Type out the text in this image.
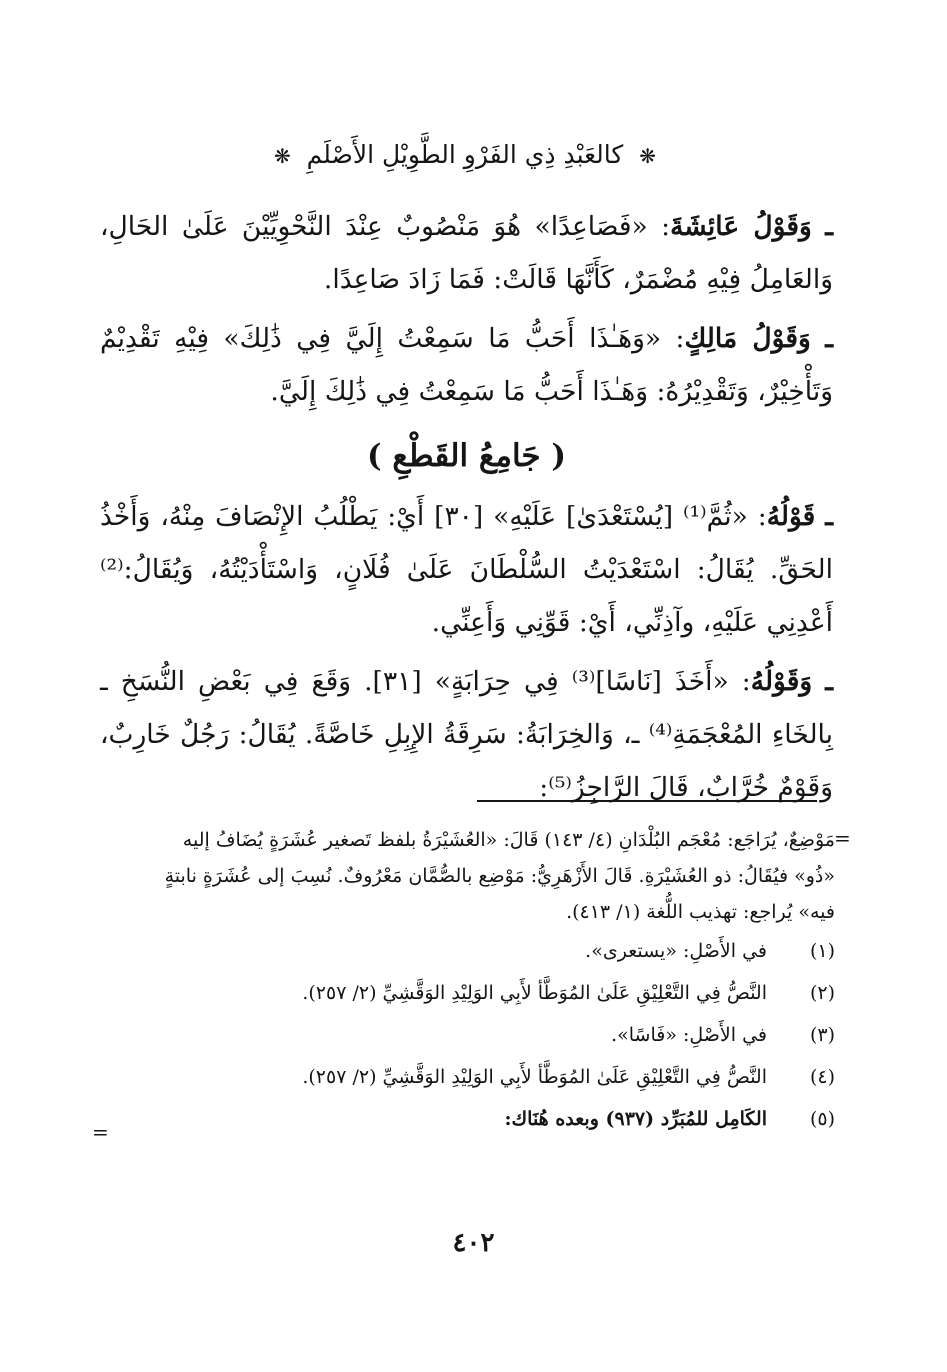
❋ كالعَبْدِ ذِي الفَرْوِ الطَّوِيْلِ الأَصْلَمِ ❋

ـ وَقَوْلُ عَائِشَةَ: «فَصَاعِدًا» هُوَ مَنْصُوبٌ عِنْدَ النَّحْوِيِّيْنَ عَلَىٰ الحَالِ، وَالعَامِلُ فِيْهِ مُضْمَرٌ، كَأَنَّهَا قَالَتْ: فَمَا زَادَ صَاعِدًا.

ـ وَقَوْلُ مَالِكٍ: «وَهَـٰذَا أَحَبُّ مَا سَمِعْتُ إِلَيَّ فِي ذَٰلِكَ» فِيْهِ تَقْدِيْمٌ وَتَأْخِيْرٌ، وَتَقْدِيْرُهُ: وَهَـٰذَا أَحَبُّ مَا سَمِعْتُ فِي ذَٰلِكَ إِلَيَّ.

( جَامِعُ القَطْعِ )

ـ قَوْلُهُ: «ثُمَّ⁽¹⁾ [يُسْتَعْدَىٰ] عَلَيْهِ» [٣٠] أَيْ: يَطْلُبُ الإِنْصَافَ مِنْهُ، وَأَخْذُ الحَقِّ. يُقَالُ: اسْتَعْدَيْتُ السُّلْطَانَ عَلَىٰ فُلَانٍ، وَاسْتَأْدَيْتُهُ، وَيُقَالُ:⁽²⁾ أَعْدِنِي عَلَيْهِ، وآذِنِّي، أَيْ: قَوِّنِي وَأَعِنِّي.

ـ وَقَوْلُهُ: «أَخَذَ [نَاسًا]⁽³⁾ فِي حِرَابَةٍ» [٣١]. وَقَعَ فِي بَعْضِ النُّسَخِ ـ بِالخَاءِ المُعْجَمَةِ⁽⁴⁾ ـ، وَالخِرَابَةُ: سَرِقَةُ الإِبِلِ خَاصَّةً. يُقَالُ: رَجُلٌ خَارِبٌ، وَقَوْمٌ خُرَّابٌ، قَالَ الرَّاجِزُ⁽⁵⁾:

=
مَوْضِعٌ، يُرَاجَع: مُعْجَم البُلْدَانِ (٤/ ١٤٣) قَالَ: «العُشَيْرَةُ بلفظ تَصغير عُشَرَةٍ يُضَافُ إليه
«ذُو» فيُقَالُ: ذو العُشَيْرَةِ. قَالَ الأَزْهَرِيُّ: مَوْضِع بالصُّمَّان مَعْرُوفٌ. نُسِبَ إلى عُشَرَةٍ نابتةٍ
فيه» يُراجع: تهذيب اللُّغة (١/ ٤١٣).
(١)
في الأَصْلِ: «يستعرى».
(٢)
النَّصُّ فِي التَّعْلِيْقِ عَلَىٰ المُوَطَّأ لأَبِي الوَلِيْدِ الوَقَّشِيِّ (٢/ ٢٥٧).
(٣)
في الأَصْلِ: «فَاسًا».
(٤)
النَّصُّ فِي التَّعْلِيْقِ عَلَىٰ المُوَطَّأ لأَبِي الوَلِيْدِ الوَقَّشِيِّ (٢/ ٢٥٧).
(٥)
الكَامِل للمُبَرِّد (٩٣٧) وبعده هُنَاك:
=
٤٠٢
